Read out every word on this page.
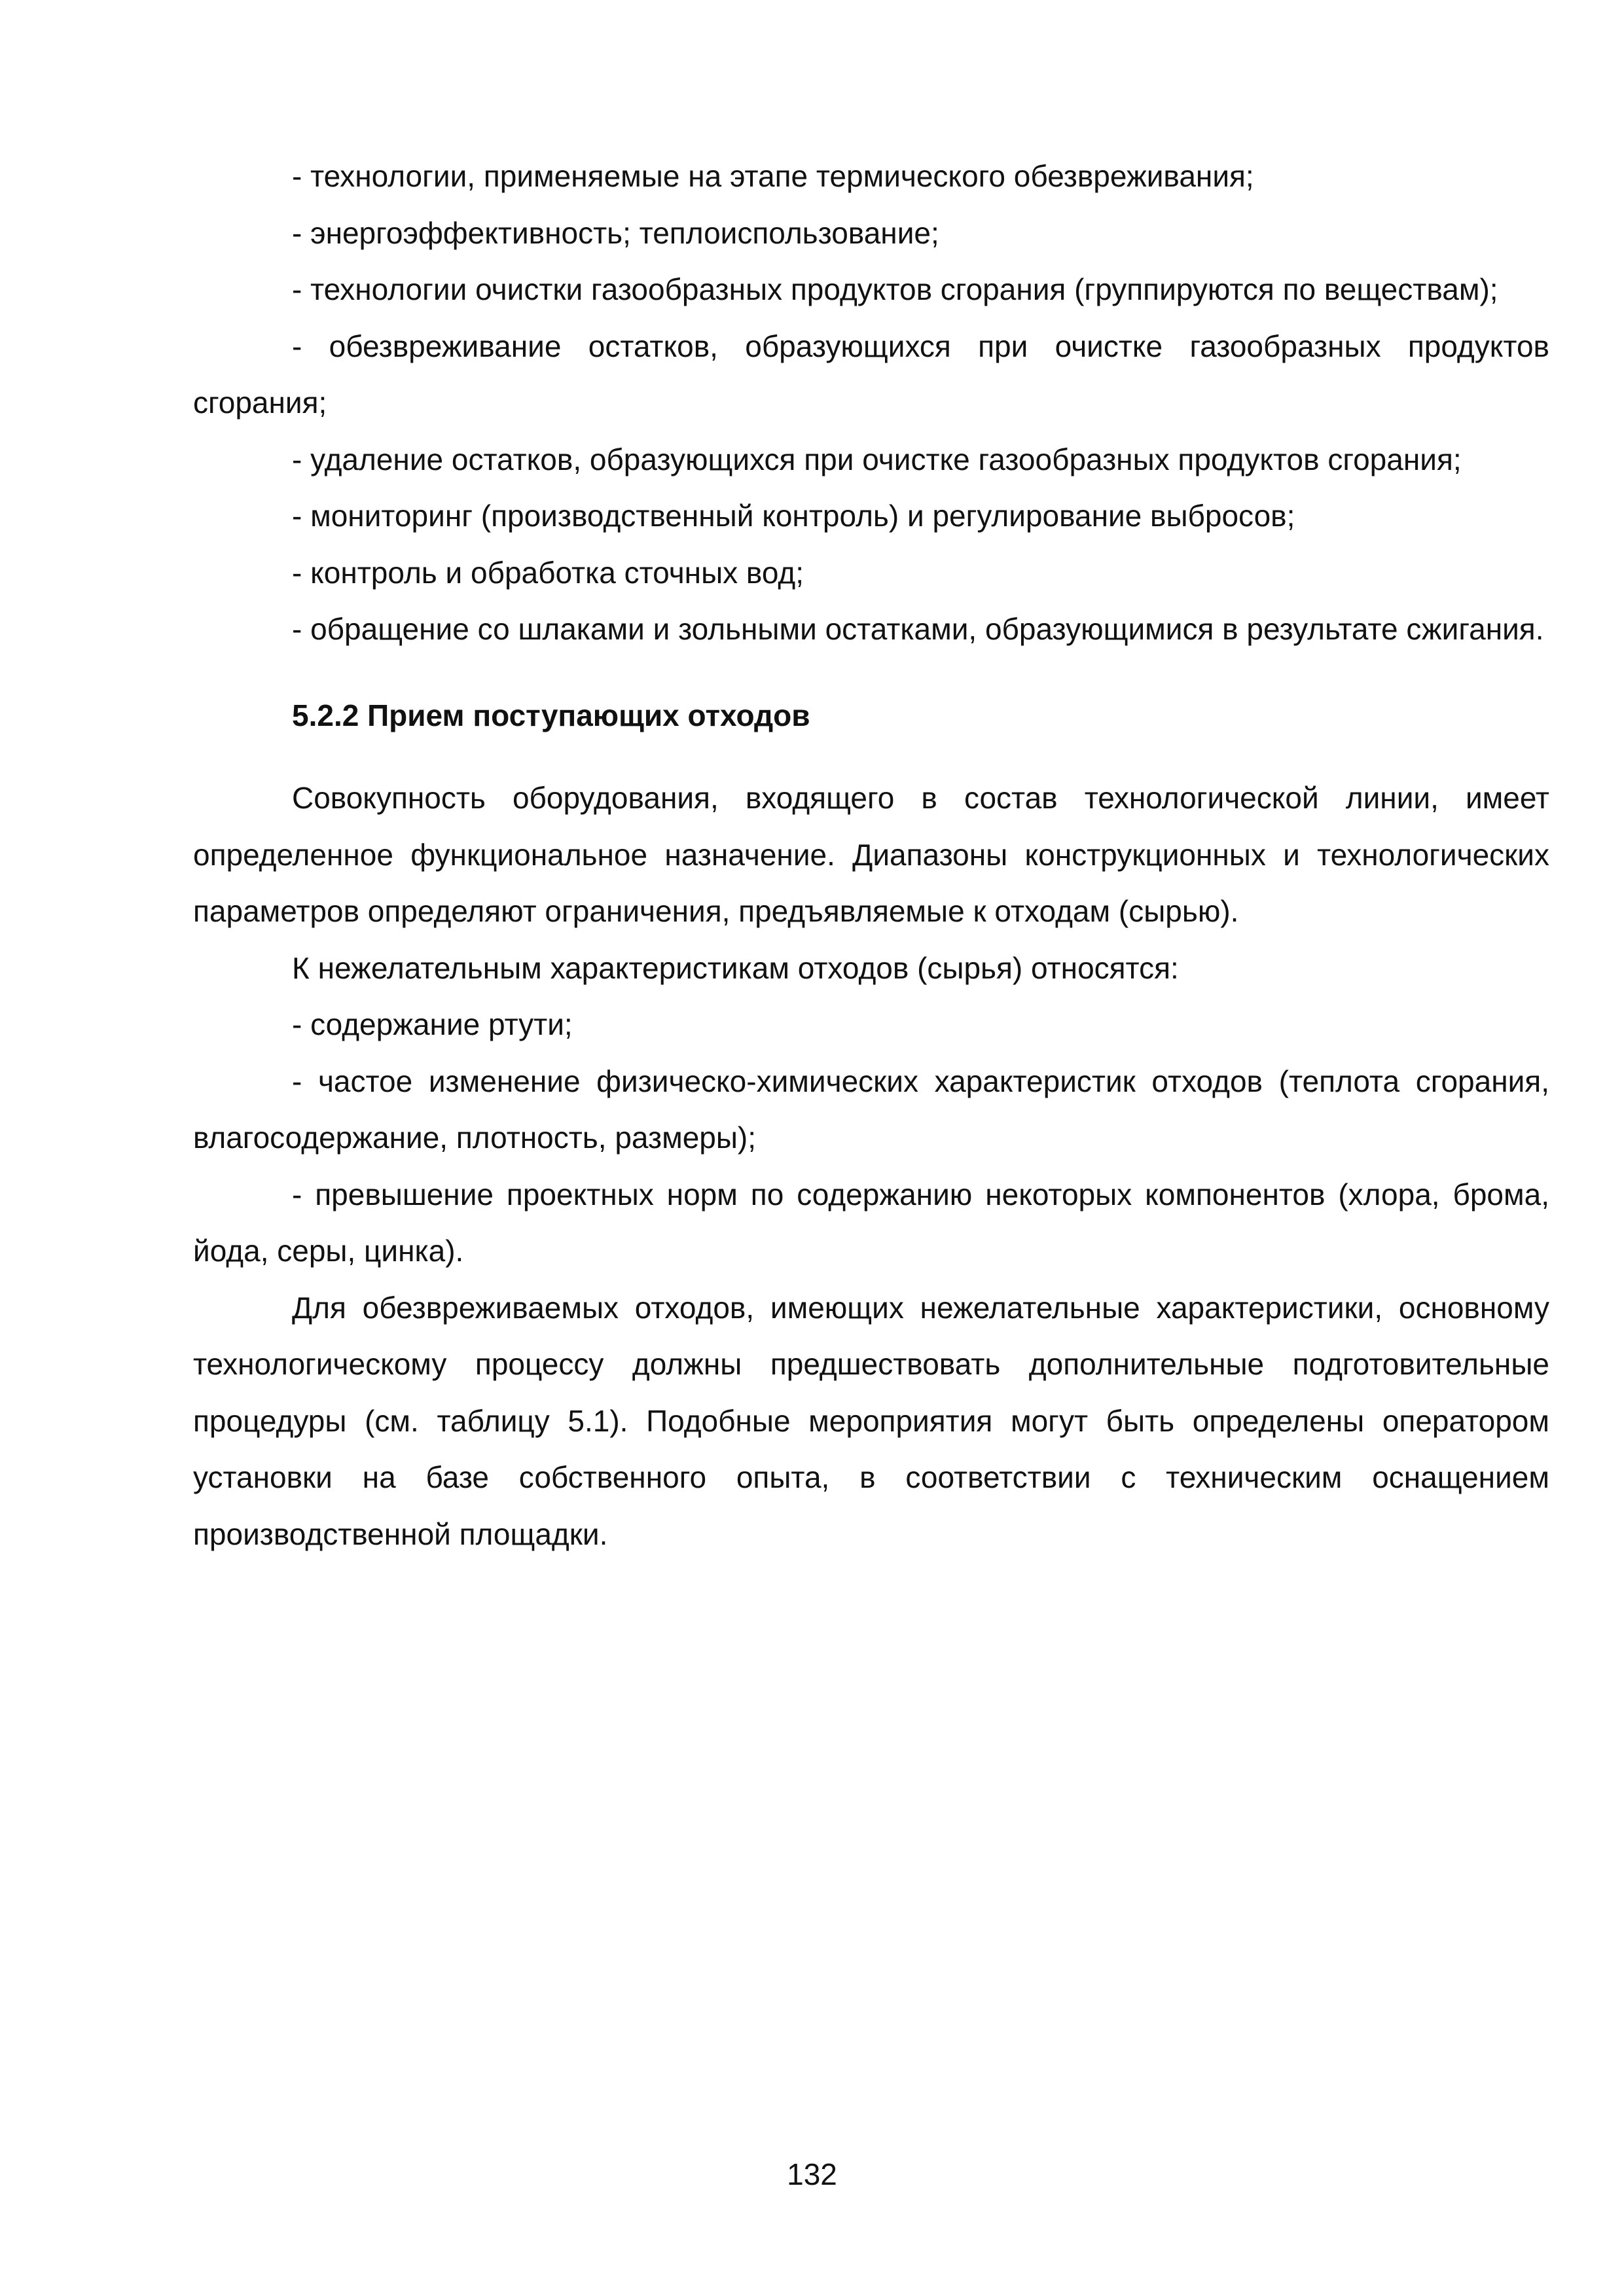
- технологии, применяемые на этапе термического обезвреживания;

- энергоэффективность; теплоиспользование;

- технологии очистки газообразных продуктов сгорания (группируются по веществам);

- обезвреживание остатков, образующихся при очистке газообразных продуктов сгорания;

- удаление остатков, образующихся при очистке газообразных продуктов сгорания;

- мониторинг (производственный контроль) и регулирование выбросов;

- контроль и обработка сточных вод;

- обращение со шлаками и зольными остатками, образующимися в результате сжигания.

5.2.2 Прием поступающих отходов

Совокупность оборудования, входящего в состав технологической линии, имеет определенное функциональное назначение. Диапазоны конструкционных и технологических параметров определяют ограничения, предъявляемые к отходам (сырью).

К нежелательным характеристикам отходов (сырья) относятся:

- содержание ртути;

- частое изменение физическо-химических характеристик отходов (теплота сгорания, влагосодержание, плотность, размеры);

- превышение проектных норм по содержанию некоторых компонентов (хлора, брома, йода, серы, цинка).

Для обезвреживаемых отходов, имеющих нежелательные характеристики, основному технологическому процессу должны предшествовать дополнительные подготовительные процедуры (см. таблицу 5.1). Подобные мероприятия могут быть определены оператором установки на базе собственного опыта, в соответствии с техническим оснащением производственной площадки.

132
